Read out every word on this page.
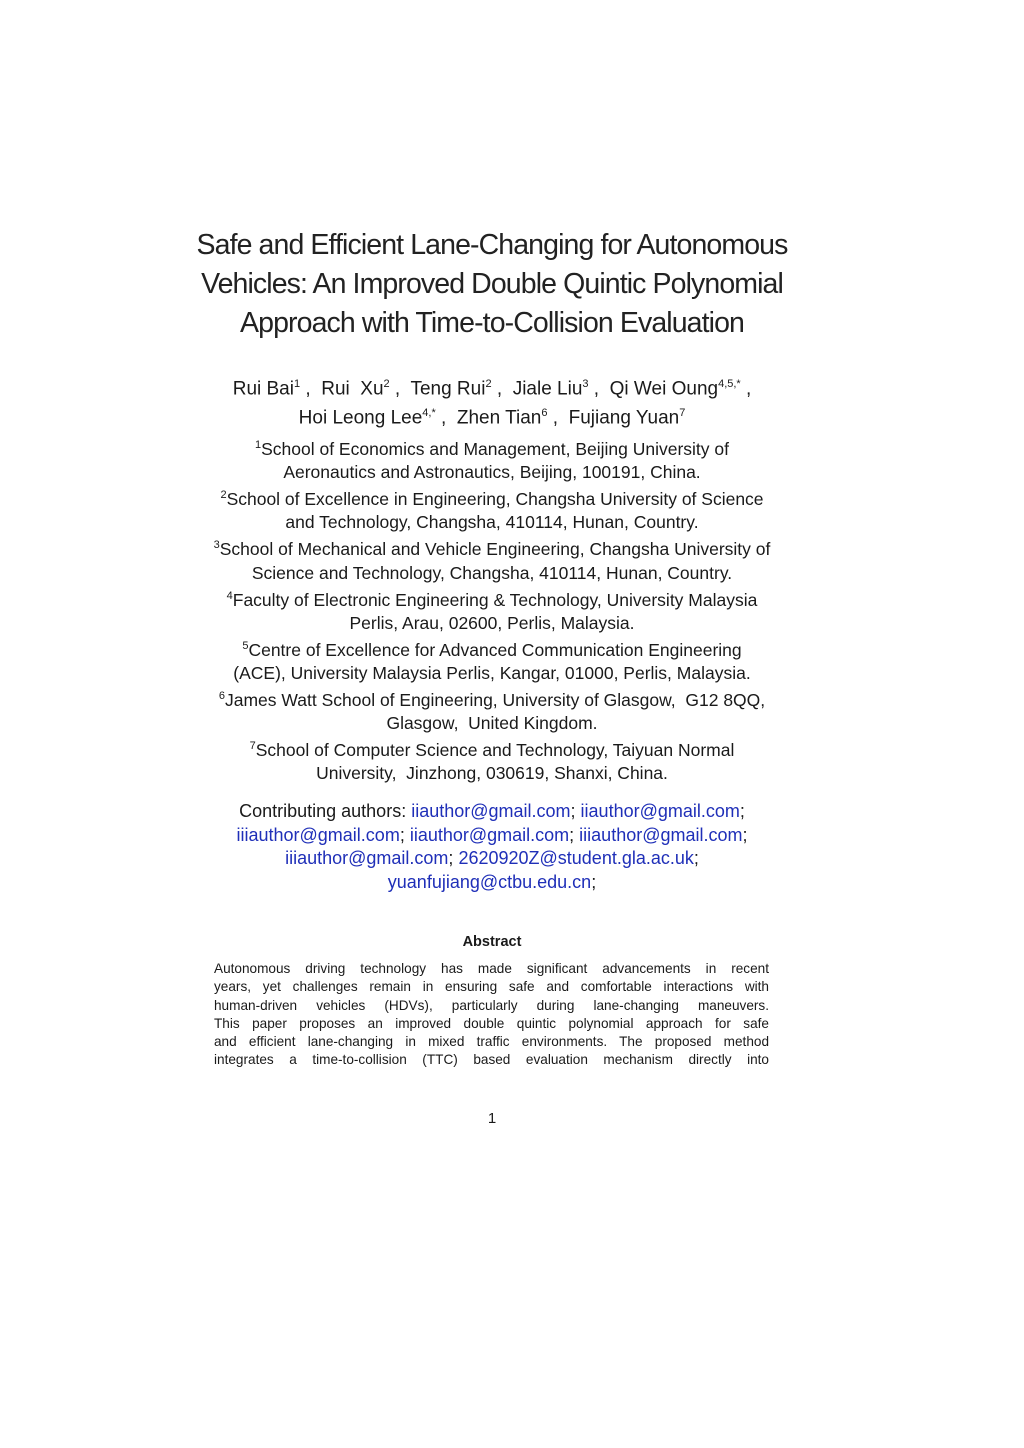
Safe and Efficient Lane-Changing for Autonomous
Vehicles: An Improved Double Quintic Polynomial
Approach with Time-to-Collision Evaluation
Rui Bai$^1$ ,  Rui  Xu$^2$ ,  Teng Rui$^2$ ,  Jiale Liu$^3$ ,  Qi Wei Oung$^{4,5,*}$ ,
Hoi Leong Lee$^{4,*}$ ,  Zhen Tian$^6$ ,  Fujiang Yuan$^7$
$^1$School of Economics and Management, Beijing University of
Aeronautics and Astronautics, Beijing, 100191, China.
$^2$School of Excellence in Engineering, Changsha University of Science
and Technology, Changsha, 410114, Hunan, Country.
$^3$School of Mechanical and Vehicle Engineering, Changsha University of
Science and Technology, Changsha, 410114, Hunan, Country.
$^4$Faculty of Electronic Engineering & Technology, University Malaysia
Perlis, Arau, 02600, Perlis, Malaysia.
$^5$Centre of Excellence for Advanced Communication Engineering
(ACE), University Malaysia Perlis, Kangar, 01000, Perlis, Malaysia.
$^6$James Watt School of Engineering, University of Glasgow,  G12 8QQ,
Glasgow,  United Kingdom.
$^7$School of Computer Science and Technology, Taiyuan Normal
University,  Jinzhong, 030619, Shanxi, China.
Contributing authors: iiauthor@gmail.com; iiauthor@gmail.com;
iiiauthor@gmail.com; iiauthor@gmail.com; iiiauthor@gmail.com;
iiiauthor@gmail.com; 2620920Z@student.gla.ac.uk;
yuanfujiang@ctbu.edu.cn;
Abstract
Autonomous driving technology has made significant advancements in recent
years, yet challenges remain in ensuring safe and comfortable interactions with
human-driven vehicles (HDVs), particularly during lane-changing maneuvers.
This paper proposes an improved double quintic polynomial approach for safe
and efficient lane-changing in mixed traffic environments. The proposed method
integrates a time-to-collision (TTC) based evaluation mechanism directly into
1
